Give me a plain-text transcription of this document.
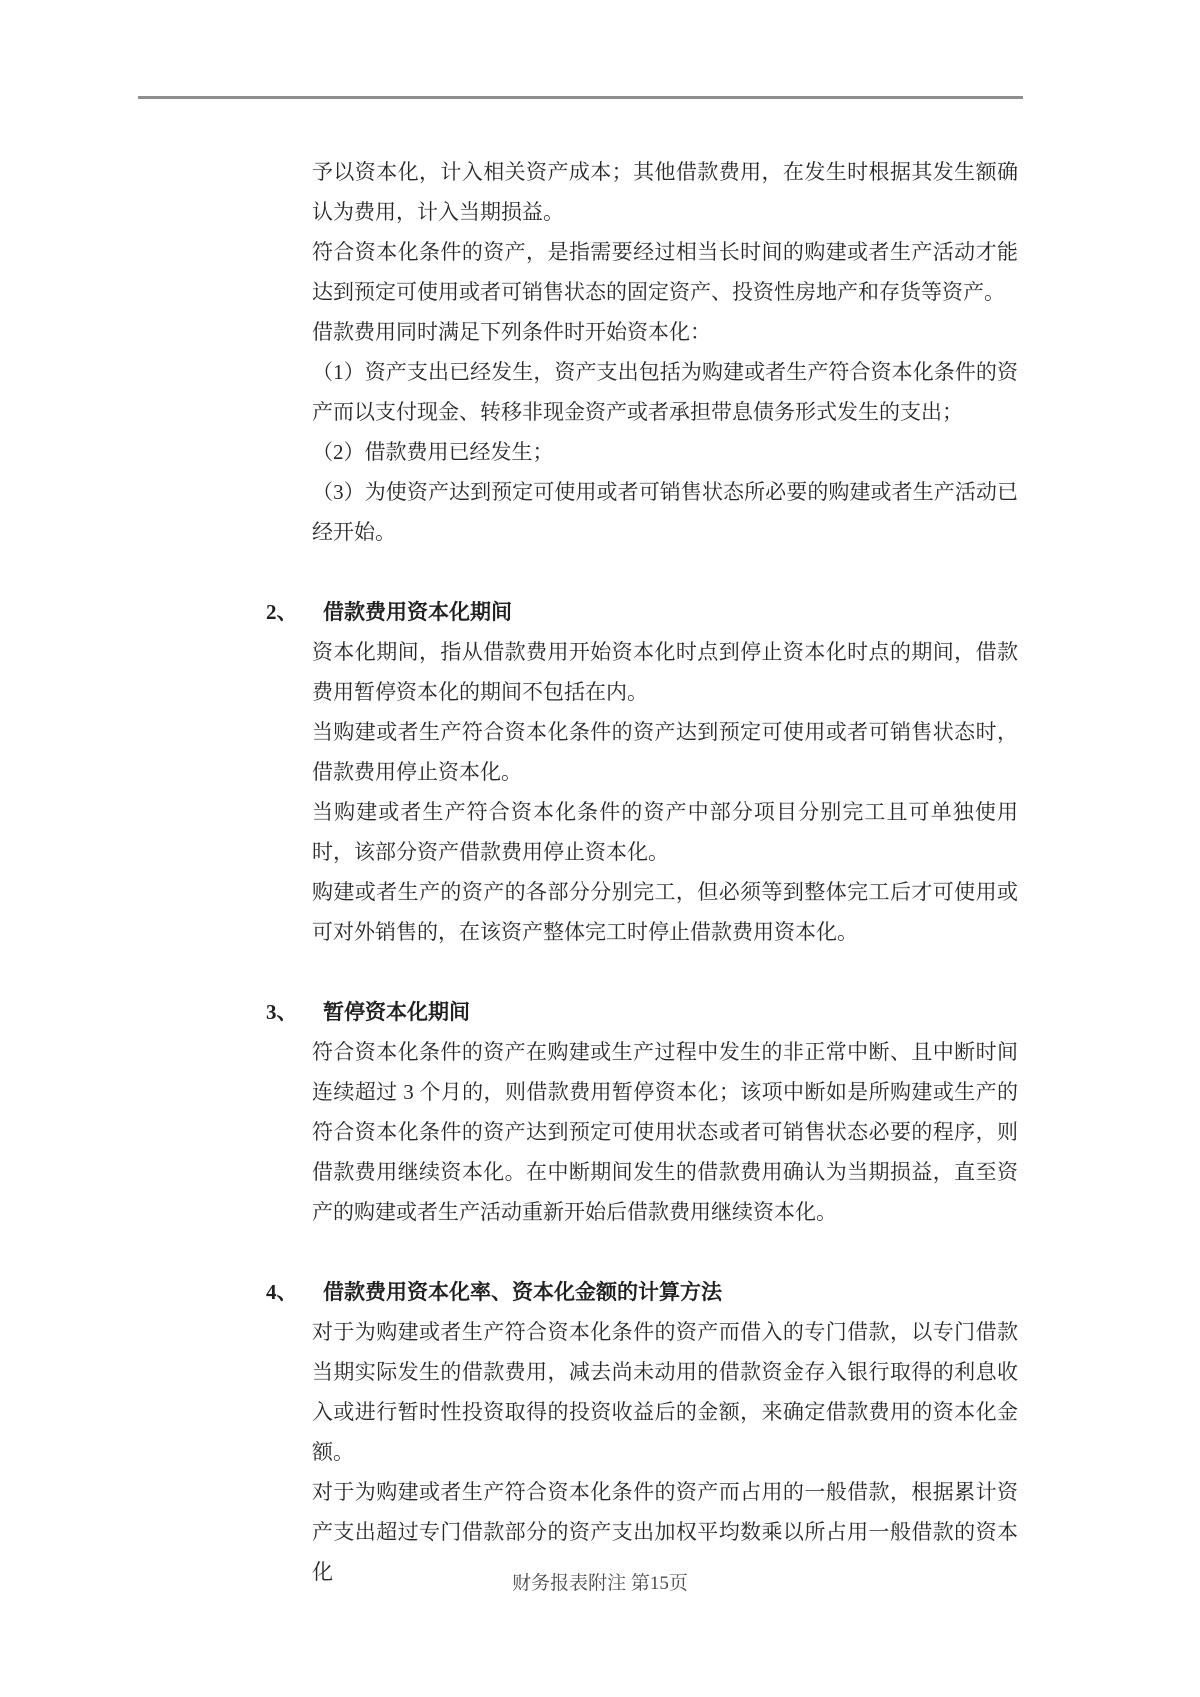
予以资本化，计入相关资产成本；其他借款费用，在发生时根据其发生额确认为费用，计入当期损益。

符合资本化条件的资产，是指需要经过相当长时间的购建或者生产活动才能达到预定可使用或者可销售状态的固定资产、投资性房地产和存货等资产。

借款费用同时满足下列条件时开始资本化：

（1）资产支出已经发生，资产支出包括为购建或者生产符合资本化条件的资产而以支付现金、转移非现金资产或者承担带息债务形式发生的支出；

（2）借款费用已经发生；

（3）为使资产达到预定可使用或者可销售状态所必要的购建或者生产活动已经开始。

2、 借款费用资本化期间

资本化期间，指从借款费用开始资本化时点到停止资本化时点的期间，借款费用暂停资本化的期间不包括在内。

当购建或者生产符合资本化条件的资产达到预定可使用或者可销售状态时，借款费用停止资本化。

当购建或者生产符合资本化条件的资产中部分项目分别完工且可单独使用时，该部分资产借款费用停止资本化。

购建或者生产的资产的各部分分别完工，但必须等到整体完工后才可使用或可对外销售的，在该资产整体完工时停止借款费用资本化。

3、 暂停资本化期间

符合资本化条件的资产在购建或生产过程中发生的非正常中断、且中断时间连续超过 3 个月的，则借款费用暂停资本化；该项中断如是所购建或生产的符合资本化条件的资产达到预定可使用状态或者可销售状态必要的程序，则借款费用继续资本化。在中断期间发生的借款费用确认为当期损益，直至资产的购建或者生产活动重新开始后借款费用继续资本化。

4、 借款费用资本化率、资本化金额的计算方法

对于为购建或者生产符合资本化条件的资产而借入的专门借款，以专门借款当期实际发生的借款费用，减去尚未动用的借款资金存入银行取得的利息收入或进行暂时性投资取得的投资收益后的金额，来确定借款费用的资本化金额。

对于为购建或者生产符合资本化条件的资产而占用的一般借款，根据累计资产支出超过专门借款部分的资产支出加权平均数乘以所占用一般借款的资本化	财务报表附注 第15页
